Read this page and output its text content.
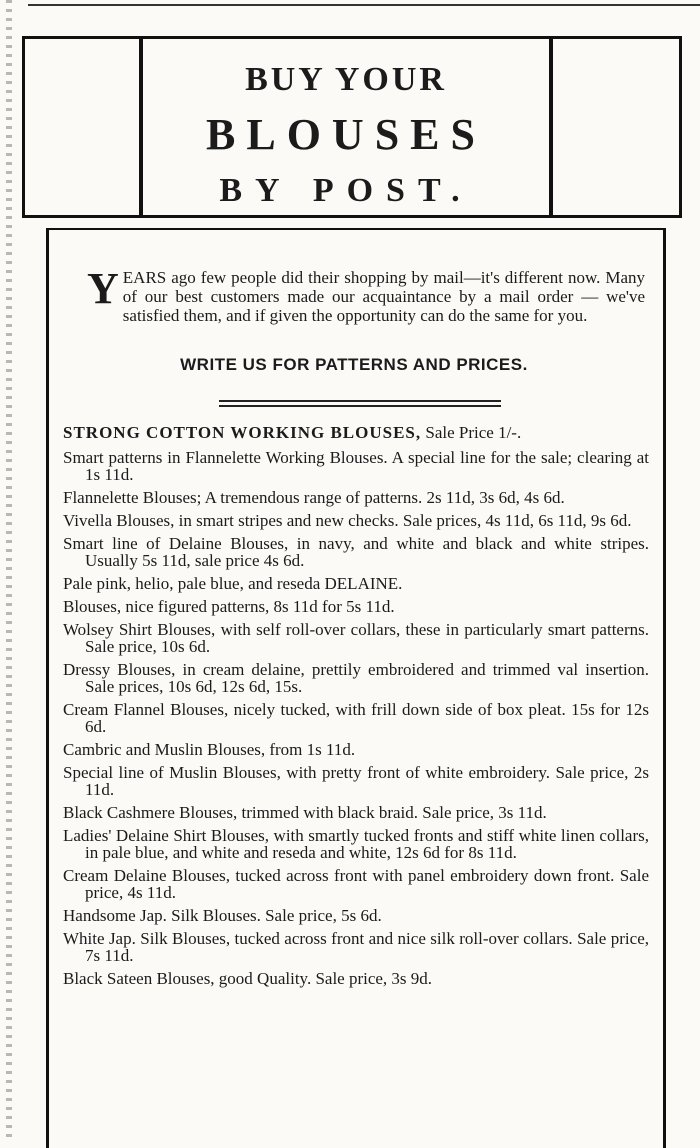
BUY YOUR
BLOUSES
BY POST.
Y EARS ago few people did their shopping by mail—it's different now. Many of our best customers made our acquaintance by a mail order — we've satisfied them, and if given the opportunity can do the same for you.
WRITE US FOR PATTERNS AND PRICES.
STRONG COTTON WORKING BLOUSES, Sale Price 1/-.
Smart patterns in Flannelette Working Blouses. A special line for the sale; clearing at 1s 11d.
Flannelette Blouses; A tremendous range of patterns. 2s 11d, 3s 6d, 4s 6d.
Vivella Blouses, in smart stripes and new checks. Sale prices, 4s 11d, 6s 11d, 9s 6d.
Smart line of Delaine Blouses, in navy, and white and black and white stripes. Usually 5s 11d, sale price 4s 6d.
Pale pink, helio, pale blue, and reseda DELAINE.
Blouses, nice figured patterns, 8s 11d for 5s 11d.
Wolsey Shirt Blouses, with self roll-over collars, these in particularly smart patterns. Sale price, 10s 6d.
Dressy Blouses, in cream delaine, prettily embroidered and trimmed val insertion. Sale prices, 10s 6d, 12s 6d, 15s.
Cream Flannel Blouses, nicely tucked, with frill down side of box pleat. 15s for 12s 6d.
Cambric and Muslin Blouses, from 1s 11d.
Special line of Muslin Blouses, with pretty front of white embroidery. Sale price, 2s 11d.
Black Cashmere Blouses, trimmed with black braid. Sale price, 3s 11d.
Ladies' Delaine Shirt Blouses, with smartly tucked fronts and stiff white linen collars, in pale blue, and white and reseda and white, 12s 6d for 8s 11d.
Cream Delaine Blouses, tucked across front with panel embroidery down front. Sale price, 4s 11d.
Handsome Jap. Silk Blouses. Sale price, 5s 6d.
White Jap. Silk Blouses, tucked across front and nice silk roll-over collars. Sale price, 7s 11d.
Black Sateen Blouses, good Quality. Sale price, 3s 9d.
